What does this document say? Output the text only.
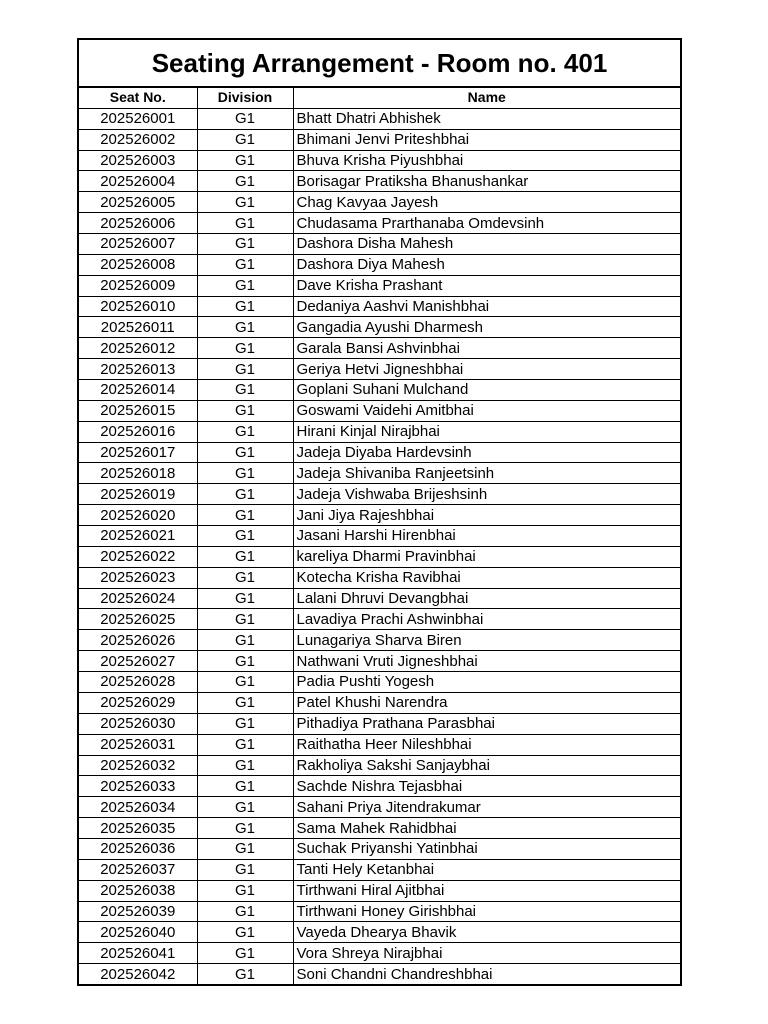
Seating Arrangement - Room no. 401
Seat No.	Division	Name
202526001	G1	Bhatt Dhatri Abhishek
202526002	G1	Bhimani Jenvi Priteshbhai
202526003	G1	Bhuva Krisha Piyushbhai
202526004	G1	Borisagar Pratiksha Bhanushankar
202526005	G1	Chag Kavyaa Jayesh
202526006	G1	Chudasama Prarthanaba Omdevsinh
202526007	G1	Dashora Disha Mahesh
202526008	G1	Dashora Diya Mahesh
202526009	G1	Dave Krisha Prashant
202526010	G1	Dedaniya Aashvi Manishbhai
202526011	G1	Gangadia Ayushi Dharmesh
202526012	G1	Garala Bansi Ashvinbhai
202526013	G1	Geriya Hetvi Jigneshbhai
202526014	G1	Goplani Suhani Mulchand
202526015	G1	Goswami Vaidehi Amitbhai
202526016	G1	Hirani Kinjal Nirajbhai
202526017	G1	Jadeja Diyaba Hardevsinh
202526018	G1	Jadeja Shivaniba Ranjeetsinh
202526019	G1	Jadeja Vishwaba Brijeshsinh
202526020	G1	Jani Jiya Rajeshbhai
202526021	G1	Jasani Harshi Hirenbhai
202526022	G1	kareliya Dharmi Pravinbhai
202526023	G1	Kotecha Krisha Ravibhai
202526024	G1	Lalani Dhruvi Devangbhai
202526025	G1	Lavadiya Prachi Ashwinbhai
202526026	G1	Lunagariya Sharva Biren
202526027	G1	Nathwani Vruti Jigneshbhai
202526028	G1	Padia Pushti Yogesh
202526029	G1	Patel Khushi Narendra
202526030	G1	Pithadiya Prathana Parasbhai
202526031	G1	Raithatha Heer Nileshbhai
202526032	G1	Rakholiya Sakshi Sanjaybhai
202526033	G1	Sachde Nishra Tejasbhai
202526034	G1	Sahani Priya Jitendrakumar
202526035	G1	Sama Mahek Rahidbhai
202526036	G1	Suchak Priyanshi Yatinbhai
202526037	G1	Tanti Hely Ketanbhai
202526038	G1	Tirthwani Hiral Ajitbhai
202526039	G1	Tirthwani Honey Girishbhai
202526040	G1	Vayeda Dhearya Bhavik
202526041	G1	Vora Shreya Nirajbhai
202526042	G1	Soni Chandni Chandreshbhai
